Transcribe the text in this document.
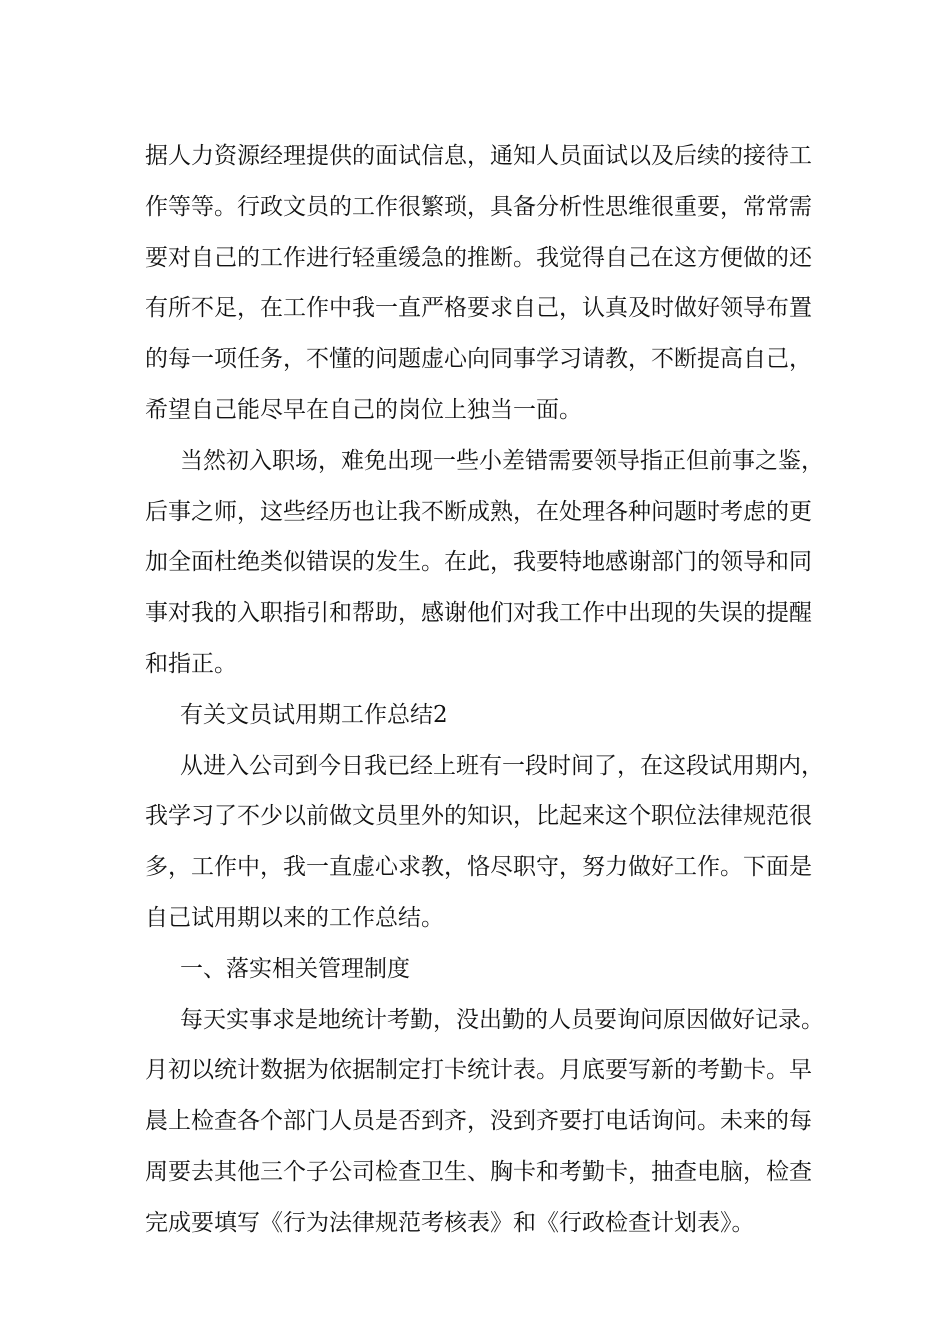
据人力资源经理提供的面试信息，通知人员面试以及后续的接待工
作等等。行政文员的工作很繁琐，具备分析性思维很重要，常常需
要对自己的工作进行轻重缓急的推断。我觉得自己在这方便做的还
有所不足，在工作中我一直严格要求自己，认真及时做好领导布置
的每一项任务，不懂的问题虚心向同事学习请教，不断提高自己，
希望自己能尽早在自己的岗位上独当一面。
当然初入职场，难免出现一些小差错需要领导指正但前事之鉴，
后事之师，这些经历也让我不断成熟，在处理各种问题时考虑的更
加全面杜绝类似错误的发生。在此，我要特地感谢部门的领导和同
事对我的入职指引和帮助，感谢他们对我工作中出现的失误的提醒
和指正。
有关文员试用期工作总结2
从进入公司到今日我已经上班有一段时间了，在这段试用期内，
我学习了不少以前做文员里外的知识，比起来这个职位法律规范很
多，工作中，我一直虚心求教，恪尽职守，努力做好工作。下面是
自己试用期以来的工作总结。
一、落实相关管理制度
每天实事求是地统计考勤，没出勤的人员要询问原因做好记录。
月初以统计数据为依据制定打卡统计表。月底要写新的考勤卡。早
晨上检查各个部门人员是否到齐，没到齐要打电话询问。未来的每
周要去其他三个子公司检查卫生、胸卡和考勤卡，抽查电脑，检查
完成要填写《行为法律规范考核表》和《行政检查计划表》。
